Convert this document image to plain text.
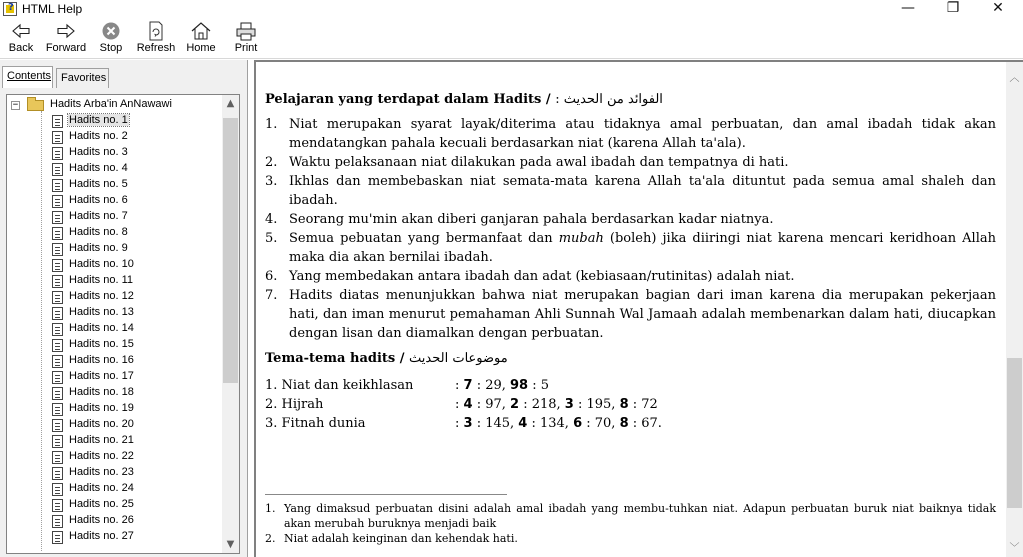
?
HTML Help	—	❐	✕
Back	Forward	Stop	Refresh	Home	Print
Contents Favorites
−	Hadits Arba'in AnNawawi
Hadits no. 1
Hadits no. 2
Hadits no. 3
Hadits no. 4
Hadits no. 5
Hadits no. 6
Hadits no. 7
Hadits no. 8
Hadits no. 9
Hadits no. 10
Hadits no. 11
Hadits no. 12
Hadits no. 13
Hadits no. 14
Hadits no. 15
Hadits no. 16
Hadits no. 17
Hadits no. 18
Hadits no. 19
Hadits no. 20
Hadits no. 21
Hadits no. 22
Hadits no. 23
Hadits no. 24
Hadits no. 25
Hadits no. 26
Hadits no. 27
▲
▼
Pelajaran yang terdapat dalam Hadits / الفوائد من الحديث :
1. Niat merupakan syarat layak/diterima atau tidaknya amal perbuatan, dan amal ibadah tidak akan mendatangkan pahala kecuali berdasarkan niat (karena Allah ta'ala).
2. Waktu pelaksanaan niat dilakukan pada awal ibadah dan tempatnya di hati.
3. Ikhlas dan membebaskan niat semata-mata karena Allah ta'ala dituntut pada semua amal shaleh dan ibadah.
4. Seorang mu'min akan diberi ganjaran pahala berdasarkan kadar niatnya.
5. Semua pebuatan yang bermanfaat dan mubah (boleh) jika diiringi niat karena mencari keridhoan Allah maka dia akan bernilai ibadah.
6. Yang membedakan antara ibadah dan adat (kebiasaan/rutinitas) adalah niat.
7. Hadits diatas menunjukkan bahwa niat merupakan bagian dari iman karena dia merupakan pekerjaan hati, dan iman menurut pemahaman Ahli Sunnah Wal Jamaah adalah membenarkan dalam hati, diucapkan dengan lisan dan diamalkan dengan perbuatan.
Tema-tema hadits / موضوعات الحديث
1. Niat dan keikhlasan	: 7 : 29, 98 : 5
2. Hijrah	: 4 : 97, 2 : 218, 3 : 195, 8 : 72
3. Fitnah dunia	: 3 : 145, 4 : 134, 6 : 70, 8 : 67.
1. Yang dimaksud perbuatan disini adalah amal ibadah yang membu-tuhkan niat. Adapun perbuatan buruk niat baiknya tidak akan merubah buruknya menjadi baik
2. Niat adalah keinginan dan kehendak hati.
︿
﹀
